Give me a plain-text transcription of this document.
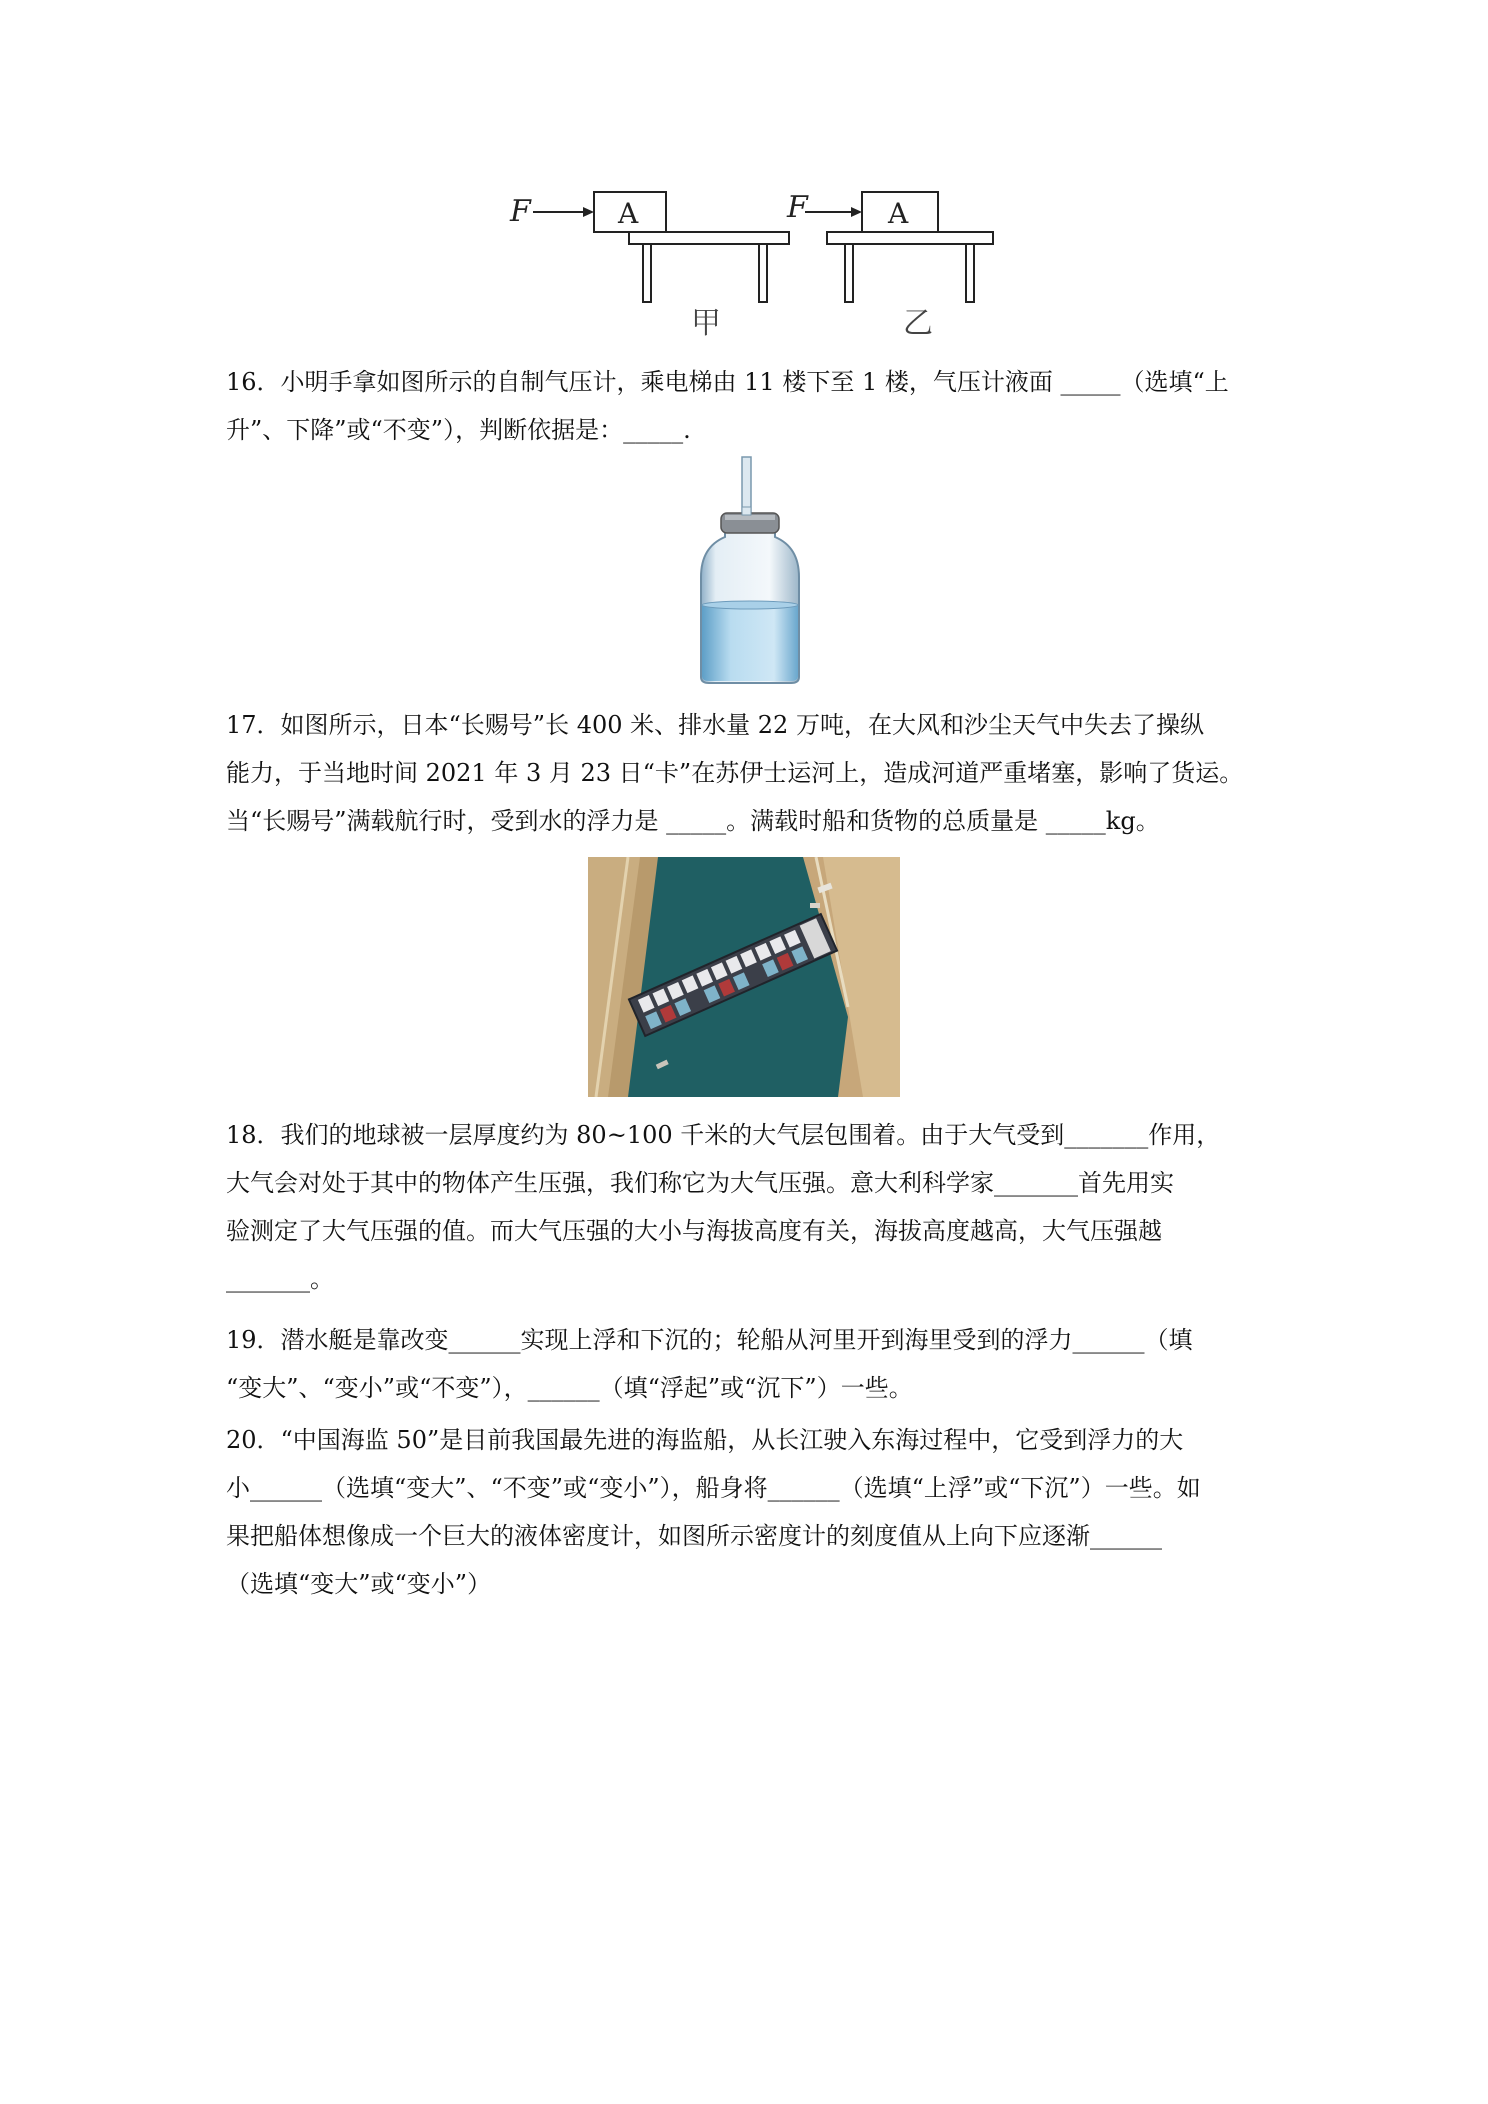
F	A
甲
F	A
乙

16．小明手拿如图所示的自制气压计，乘电梯由 11 楼下至 1 楼，气压计液面 _____（选填“上

升”、下降”或“不变”），判断依据是：_____.

17．如图所示，日本“长赐号”长 400 米、排水量 22 万吨，在大风和沙尘天气中失去了操纵

能力，于当地时间 2021 年 3 月 23 日“卡”在苏伊士运河上，造成河道严重堵塞，影响了货运。

当“长赐号”满载航行时，受到水的浮力是 _____。满载时船和货物的总质量是 _____kg。

18．我们的地球被一层厚度约为 80~100 千米的大气层包围着。由于大气受到_______作用，

大气会对处于其中的物体产生压强，我们称它为大气压强。意大利科学家_______首先用实

验测定了大气压强的值。而大气压强的大小与海拔高度有关，海拔高度越高，大气压强越

_______。

19．潜水艇是靠改变______实现上浮和下沉的；轮船从河里开到海里受到的浮力______（填

“变大”、“变小”或“不变”），______（填“浮起”或“沉下”）一些。

20．“中国海监 50”是目前我国最先进的海监船，从长江驶入东海过程中，它受到浮力的大

小______（选填“变大”、“不变”或“变小”），船身将______（选填“上浮”或“下沉”）一些。如

果把船体想像成一个巨大的液体密度计，如图所示密度计的刻度值从上向下应逐渐______

（选填“变大”或“变小”）
